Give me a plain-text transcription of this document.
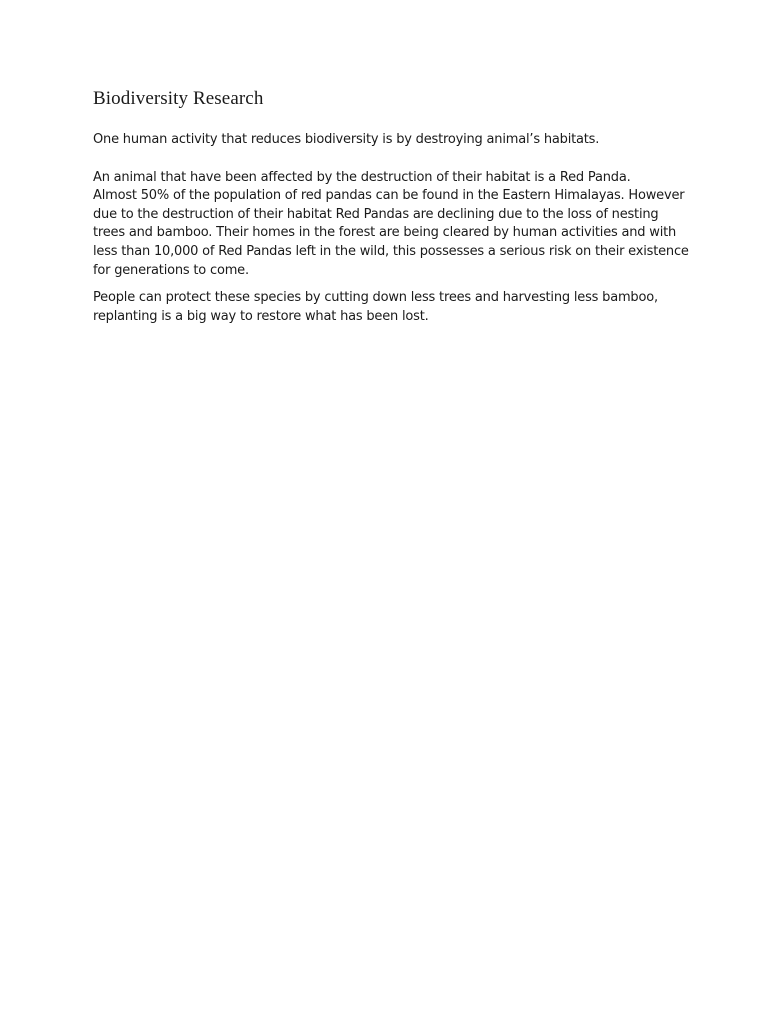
Biodiversity Research

One human activity that reduces biodiversity is by destroying animal’s habitats.

An animal that have been affected by the destruction of their habitat is a Red Panda.
Almost 50% of the population of red pandas can be found in the Eastern Himalayas. However
due to the destruction of their habitat Red Pandas are declining due to the loss of nesting
trees and bamboo. Their homes in the forest are being cleared by human activities and with
less than 10,000 of Red Pandas left in the wild, this possesses a serious risk on their existence
for generations to come.

People can protect these species by cutting down less trees and harvesting less bamboo,
replanting is a big way to restore what has been lost.
